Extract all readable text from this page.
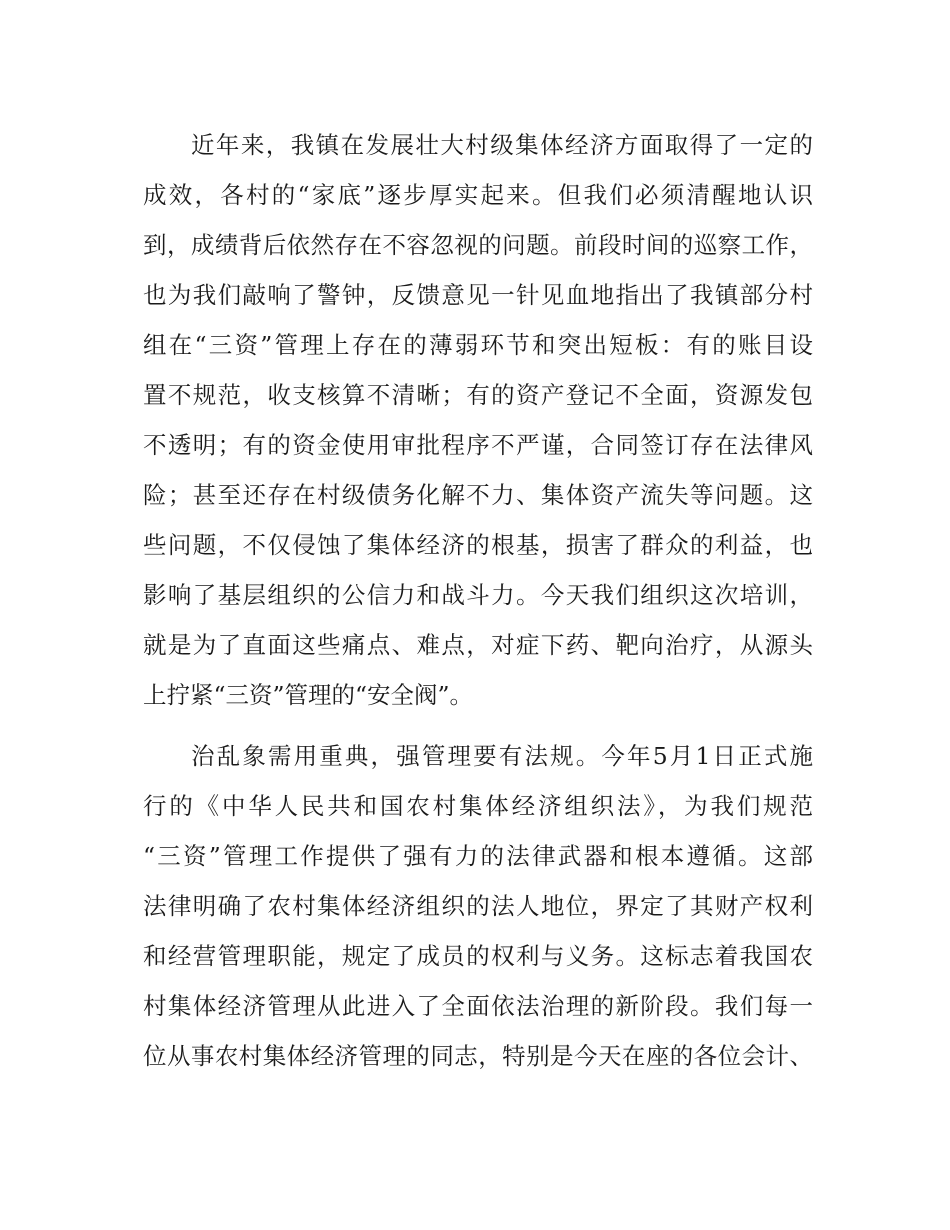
近年来，我镇在发展壮大村级集体经济方面取得了一定的
成效，各村的“家底”逐步厚实起来。但我们必须清醒地认识
到，成绩背后依然存在不容忽视的问题。前段时间的巡察工作，
也为我们敲响了警钟，反馈意见一针见血地指出了我镇部分村
组在“三资”管理上存在的薄弱环节和突出短板：有的账目设
置不规范，收支核算不清晰；有的资产登记不全面，资源发包
不透明；有的资金使用审批程序不严谨，合同签订存在法律风
险；甚至还存在村级债务化解不力、集体资产流失等问题。这
些问题，不仅侵蚀了集体经济的根基，损害了群众的利益，也
影响了基层组织的公信力和战斗力。今天我们组织这次培训，
就是为了直面这些痛点、难点，对症下药、靶向治疗，从源头
上拧紧“三资”管理的“安全阀”。
治乱象需用重典，强管理要有法规。今年5月1日正式施
行的《中华人民共和国农村集体经济组织法》，为我们规范
“三资”管理工作提供了强有力的法律武器和根本遵循。这部
法律明确了农村集体经济组织的法人地位，界定了其财产权利
和经营管理职能，规定了成员的权利与义务。这标志着我国农
村集体经济管理从此进入了全面依法治理的新阶段。我们每一
位从事农村集体经济管理的同志，特别是今天在座的各位会计、
